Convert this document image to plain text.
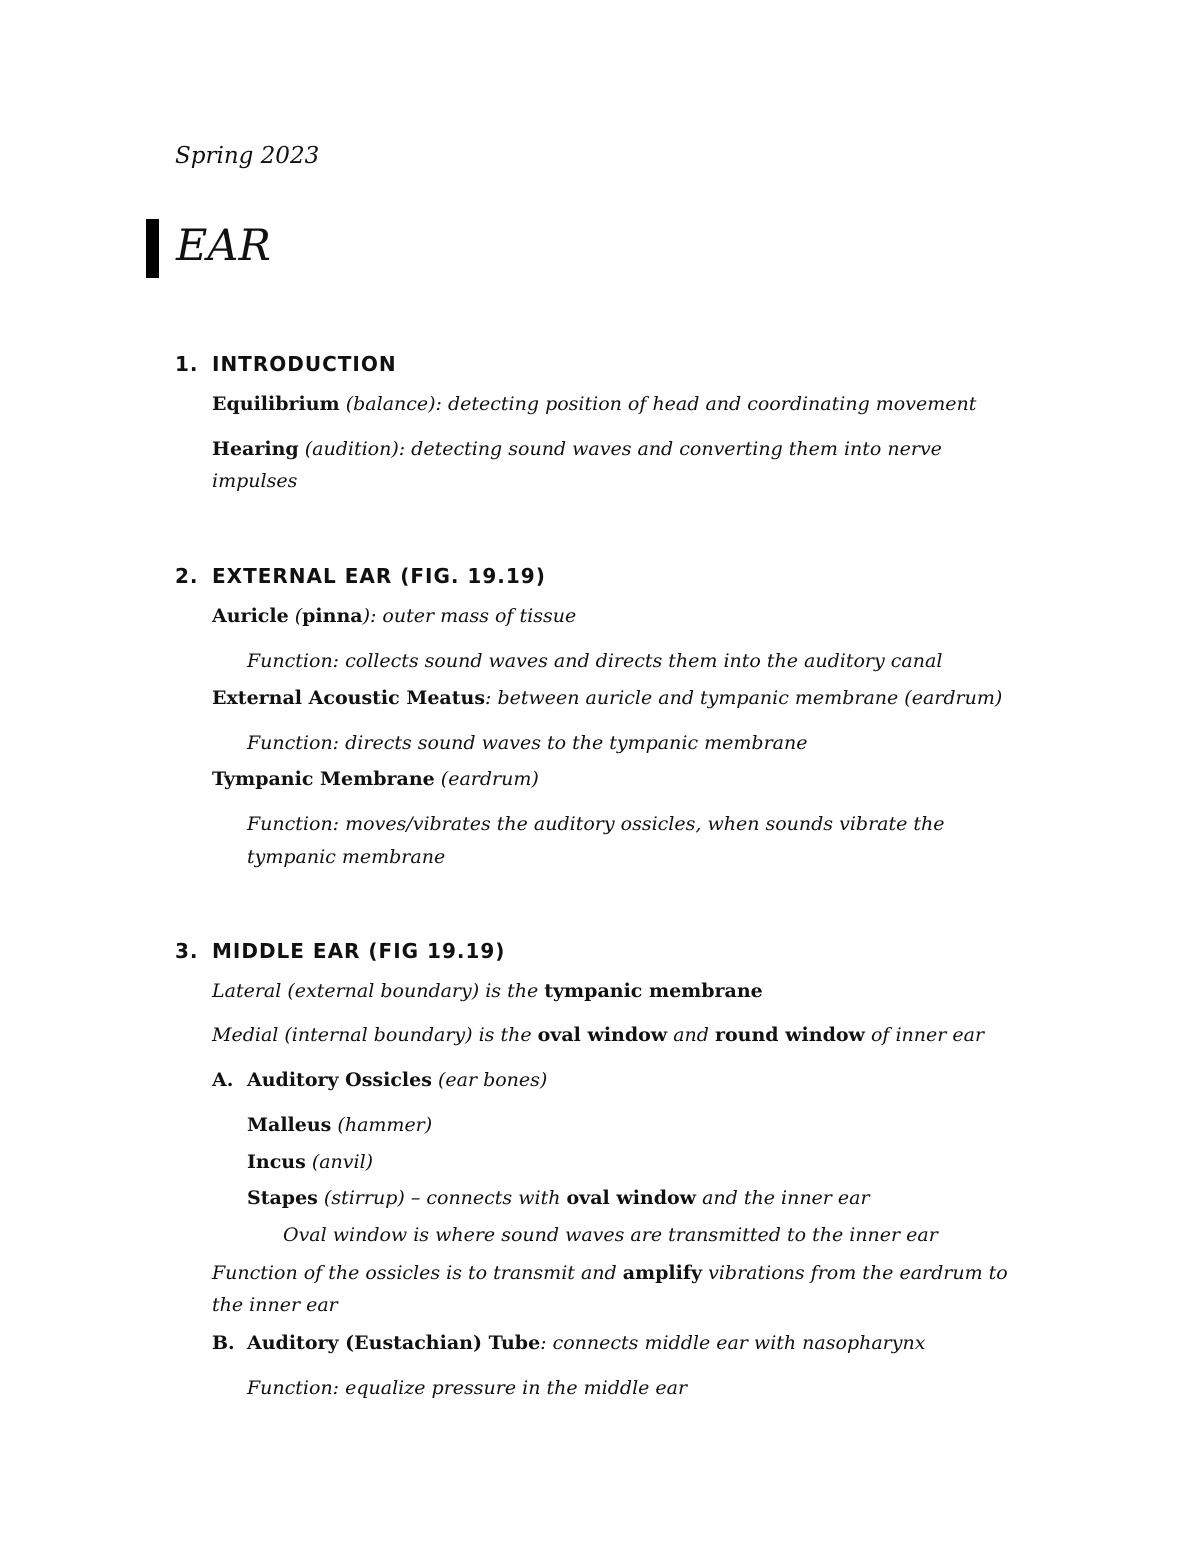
Spring 2023
EAR
1. INTRODUCTION
Equilibrium (balance): detecting position of head and coordinating movement
Hearing (audition): detecting sound waves and converting them into nerve
impulses
2. EXTERNAL EAR (FIG. 19.19)
Auricle (pinna): outer mass of tissue
Function: collects sound waves and directs them into the auditory canal
External Acoustic Meatus: between auricle and tympanic membrane (eardrum)
Function: directs sound waves to the tympanic membrane
Tympanic Membrane (eardrum)
Function: moves/vibrates the auditory ossicles, when sounds vibrate the
tympanic membrane
3. MIDDLE EAR (FIG 19.19)
Lateral (external boundary) is the tympanic membrane
Medial (internal boundary) is the oval window and round window of inner ear
A. Auditory Ossicles (ear bones)
Malleus (hammer)
Incus (anvil)
Stapes (stirrup) – connects with oval window and the inner ear
Oval window is where sound waves are transmitted to the inner ear
Function of the ossicles is to transmit and amplify vibrations from the eardrum to
the inner ear
B. Auditory (Eustachian) Tube: connects middle ear with nasopharynx
Function: equalize pressure in the middle ear
